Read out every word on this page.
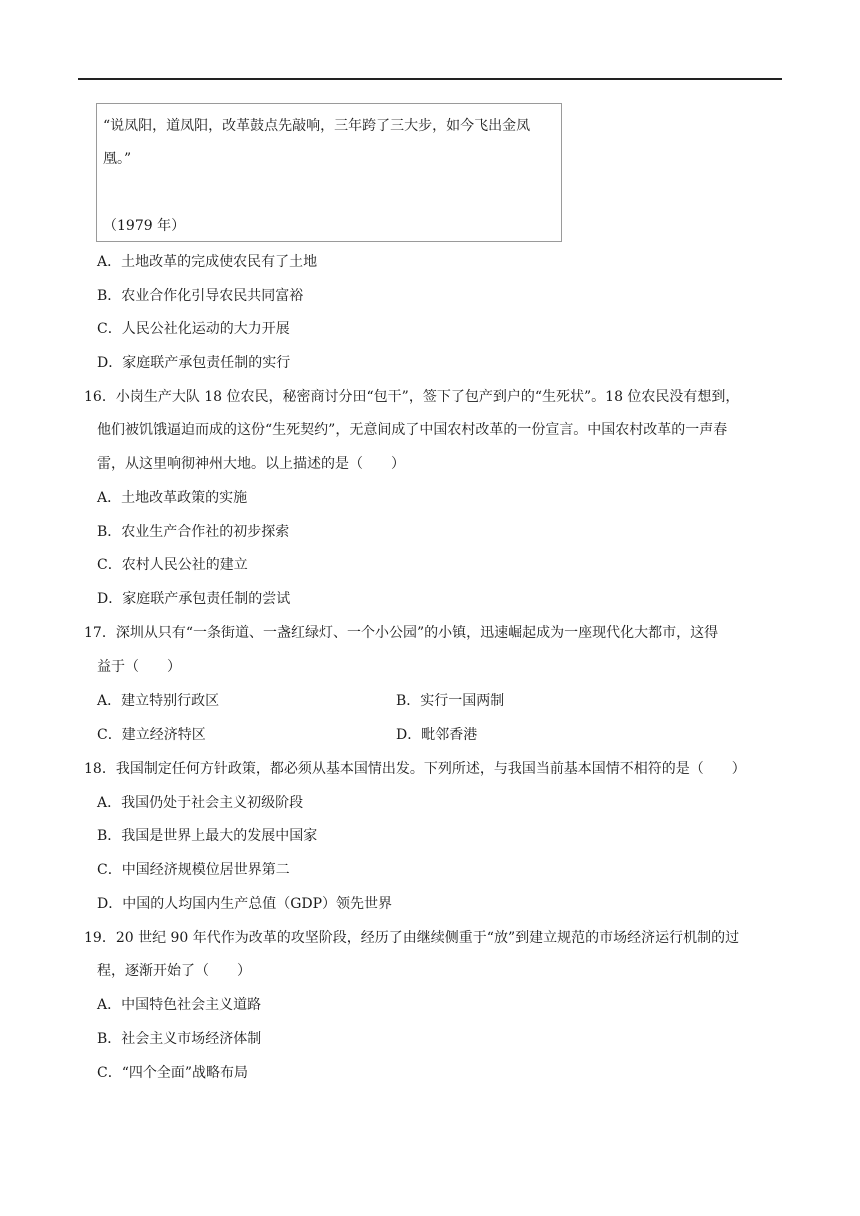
“说凤阳，道凤阳，改革鼓点先敲响，三年跨了三大步，如今飞出金凤
凰。”
（1979 年）
A．土地改革的完成使农民有了土地
B．农业合作化引导农民共同富裕
C．人民公社化运动的大力开展
D．家庭联产承包责任制的实行
16．小岗生产大队 18 位农民，秘密商讨分田“包干”，签下了包产到户的“生死状”。18 位农民没有想到，
他们被饥饿逼迫而成的这份“生死契约”，无意间成了中国农村改革的一份宣言。中国农村改革的一声春
雷，从这里响彻神州大地。以上描述的是（　　）
A．土地改革政策的实施
B．农业生产合作社的初步探索
C．农村人民公社的建立
D．家庭联产承包责任制的尝试
17．深圳从只有“一条街道、一盏红绿灯、一个小公园”的小镇，迅速崛起成为一座现代化大都市，这得
益于（　　）
A．建立特别行政区	B．实行一国两制
C．建立经济特区	D．毗邻香港
18．我国制定任何方针政策，都必须从基本国情出发。下列所述，与我国当前基本国情不相符的是（　　）
A．我国仍处于社会主义初级阶段
B．我国是世界上最大的发展中国家
C．中国经济规模位居世界第二
D．中国的人均国内生产总值（GDP）领先世界
19．20 世纪 90 年代作为改革的攻坚阶段，经历了由继续侧重于“放”到建立规范的市场经济运行机制的过
程，逐渐开始了（　　）
A．中国特色社会主义道路
B．社会主义市场经济体制
C．“四个全面”战略布局
